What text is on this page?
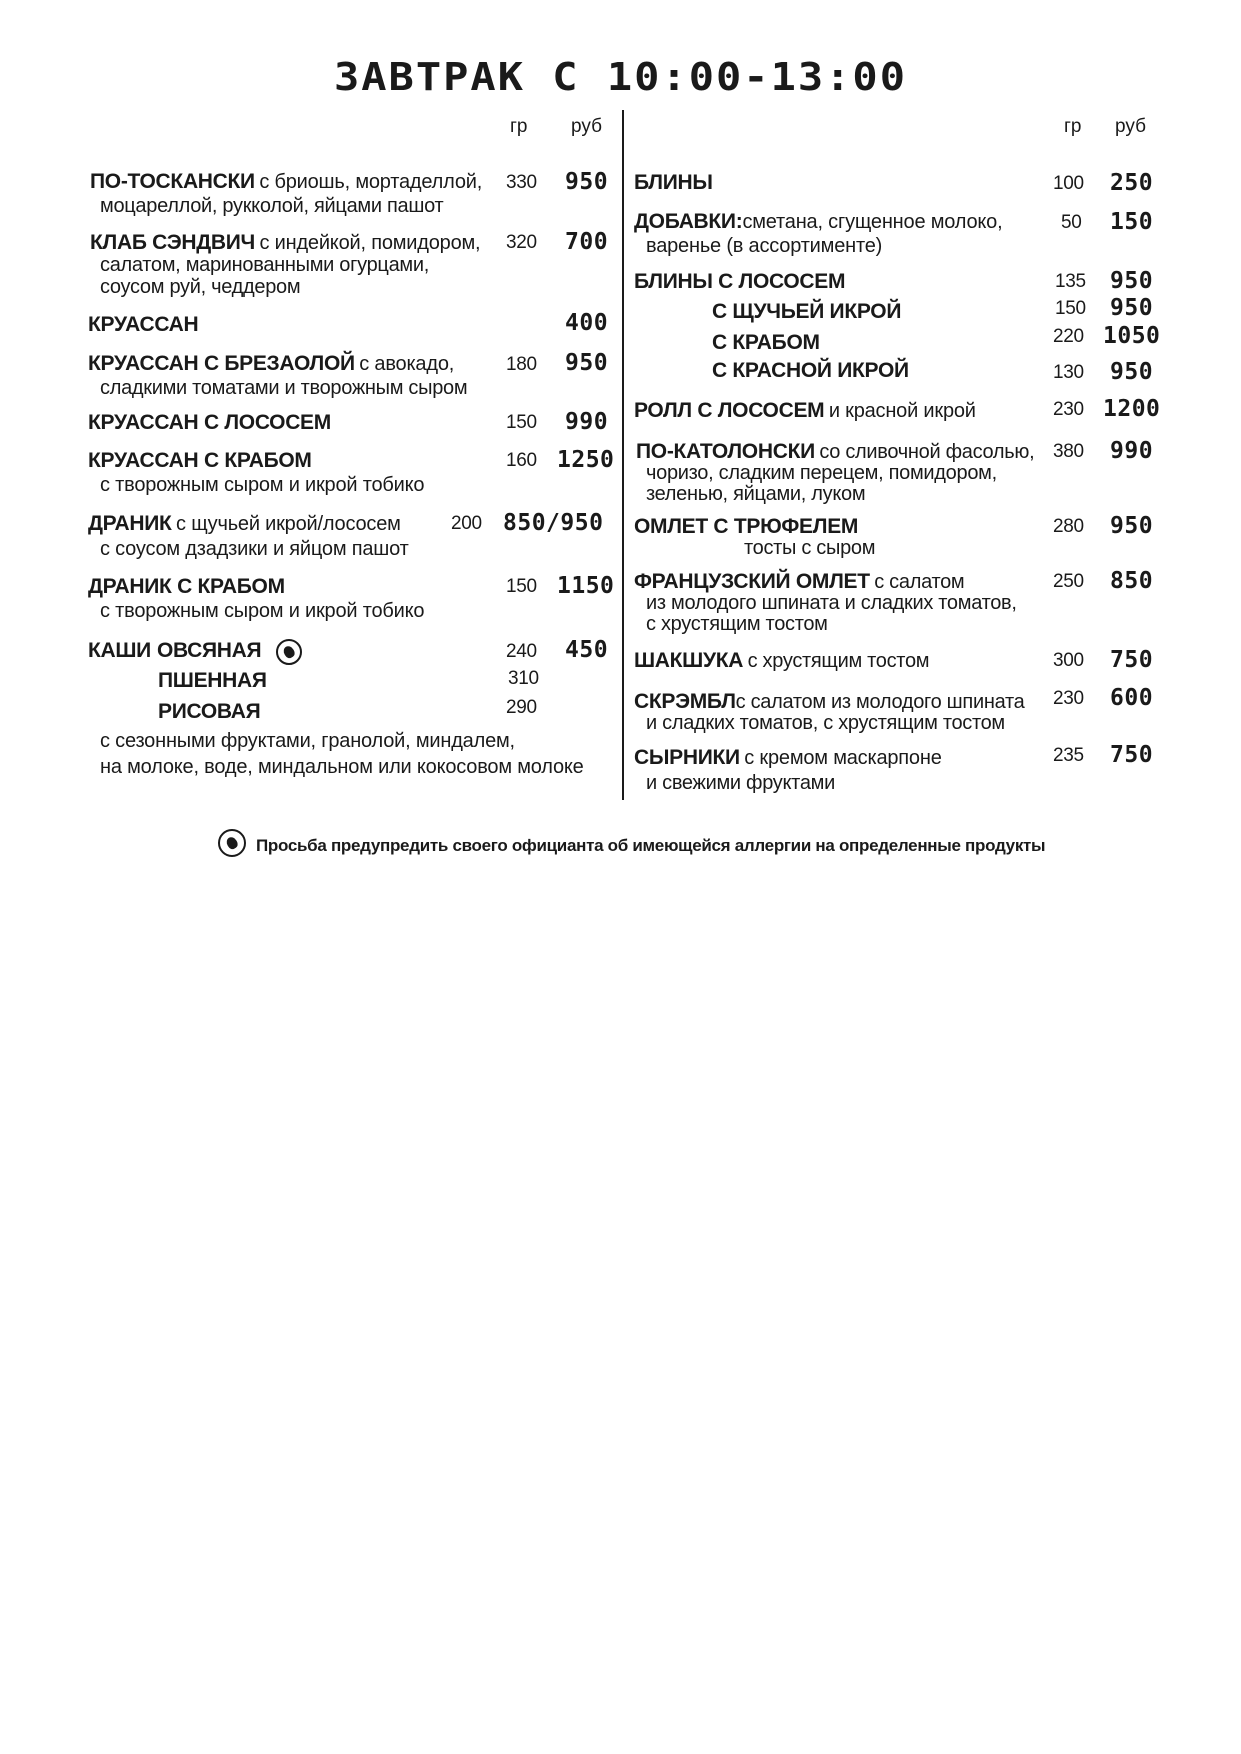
ЗАВТРАК С 10:00-13:00
гр руб	гр руб
ПО-ТОСКАНСКИ с бриошь, мортаделлой,
моцареллой, рукколой, яйцами пашот
330 950
КЛАБ СЭНДВИЧ с индейкой, помидором,
салатом, маринованными огурцами,
соусом руй, чеддером
320 700
КРУАССАН	400
КРУАССАН С БРЕЗАОЛОЙ с авокадо,
сладкими томатами и творожным сыром
180 950
КРУАССАН С ЛОСОСЕМ	150 990
КРУАССАН С КРАБОМ
с творожным сыром и икрой тобико
160 1250
ДРАНИК с щучьей икрой/лососем
с соусом дзадзики и яйцом пашот
200 850/950
ДРАНИК С КРАБОМ
с творожным сыром и икрой тобико
150 1150
КАШИ ОВСЯНАЯ	240 450
ПШЕННАЯ	310
РИСОВАЯ	290
с сезонными фруктами, гранолой, миндалем,
на молоке, воде, миндальном или кокосовом молоке
БЛИНЫ	100 250
ДОБАВКИ:сметана, сгущенное молоко,
варенье (в ассортименте)
50 150
БЛИНЫ С ЛОСОСЕМ	135 950
С ЩУЧЬЕЙ ИКРОЙ	150 950
С КРАБОМ	220 1050
С КРАСНОЙ ИКРОЙ	130 950
РОЛЛ С ЛОСОСЕМ и красной икрой	230 1200
ПО-КАТОЛОНСКИ со сливочной фасолью,
чоризо, сладким перецем, помидором,
зеленью, яйцами, луком
380 990
ОМЛЕТ С ТРЮФЕЛЕМ
тосты с сыром
280 950
ФРАНЦУЗСКИЙ ОМЛЕТ с салатом
из молодого шпината и сладких томатов,
с хрустящим тостом
250 850
ШАКШУКА с хрустящим тостом	300 750
СКРЭМБЛс салатом из молодого шпината
и сладких томатов, с хрустящим тостом
230 600
СЫРНИКИ с кремом маскарпоне
и свежими фруктами
235 750
Просьба предупредить своего официанта об имеющейся аллергии на определенные продукты
